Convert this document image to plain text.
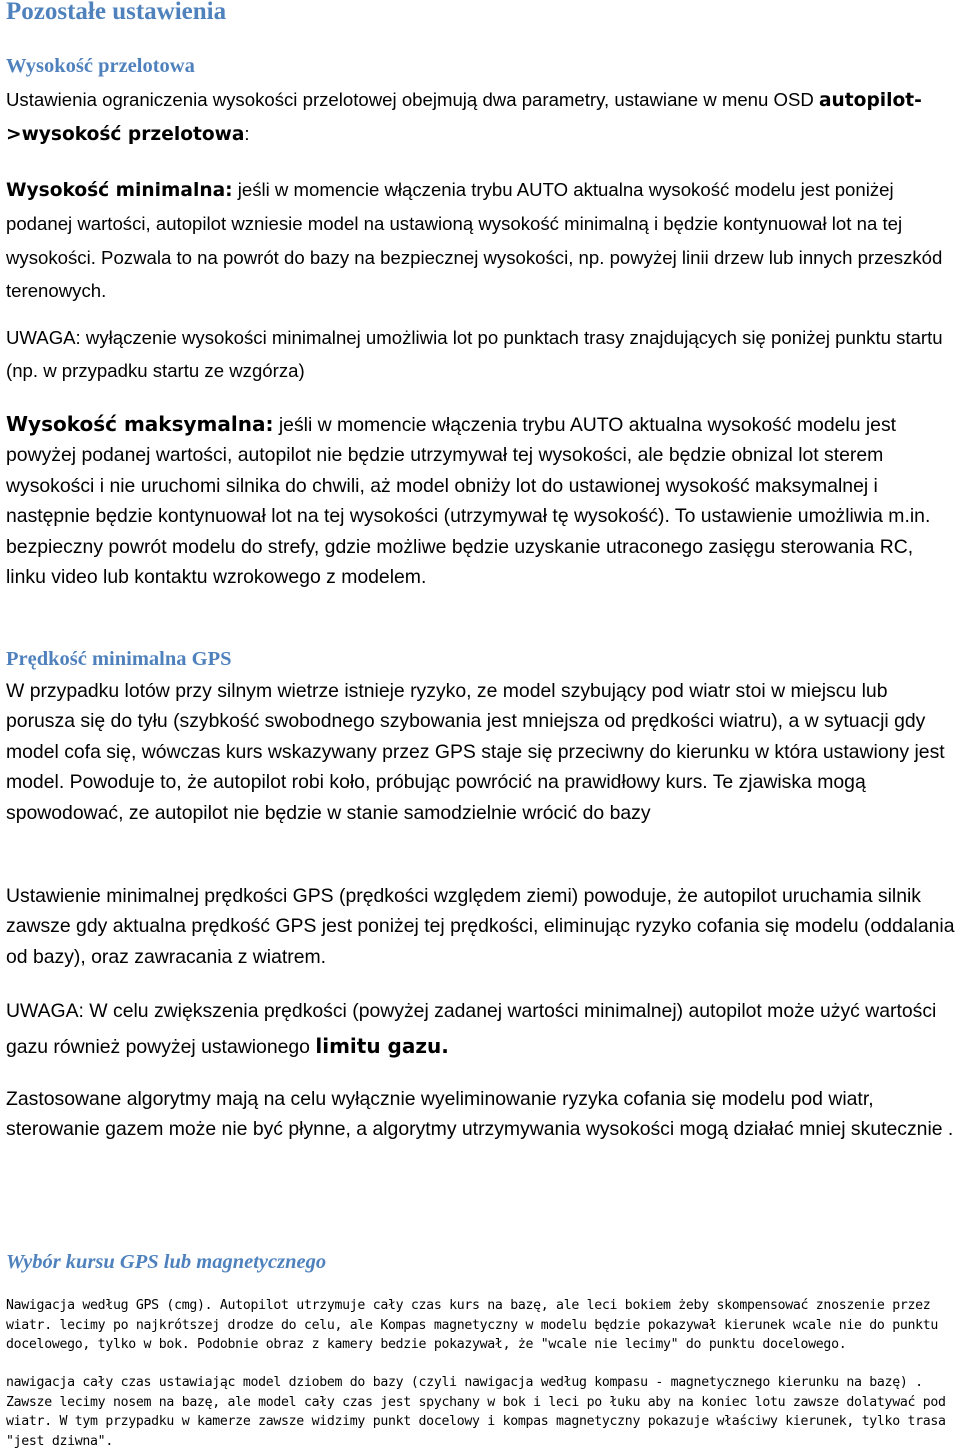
Pozostałe ustawienia
Wysokość przelotowa

Ustawienia ograniczenia wysokości przelotowej obejmują dwa parametry, ustawiane w menu OSD autopilot->wysokość przelotowa:

Wysokość minimalna: jeśli w momencie włączenia trybu AUTO aktualna wysokość modelu jest poniżej podanej wartości, autopilot wzniesie model na ustawioną wysokość minimalną i będzie kontynuował lot na tej wysokości. Pozwala to na powrót do bazy na bezpiecznej wysokości, np. powyżej linii drzew lub innych przeszkód terenowych.

UWAGA: wyłączenie wysokości minimalnej umożliwia lot po punktach trasy znajdujących się poniżej punktu startu (np. w przypadku startu ze wzgórza)

Wysokość maksymalna: jeśli w momencie włączenia trybu AUTO aktualna wysokość modelu jest powyżej podanej wartości, autopilot nie będzie utrzymywał tej wysokości, ale będzie obnizal lot sterem wysokości i nie uruchomi silnika do chwili, aż model obniży lot do ustawionej wysokość maksymalnej i następnie będzie kontynuował lot na tej wysokości (utrzymywał tę wysokość). To ustawienie umożliwia m.in. bezpieczny powrót modelu do strefy, gdzie możliwe będzie uzyskanie utraconego zasięgu sterowania RC, linku video lub kontaktu wzrokowego z modelem.

Prędkość minimalna GPS

W przypadku lotów przy silnym wietrze istnieje ryzyko, ze model szybujący pod wiatr stoi w miejscu lub porusza się do tyłu (szybkość swobodnego szybowania jest mniejsza od prędkości wiatru), a w sytuacji gdy model cofa się, wówczas kurs wskazywany przez GPS staje się przeciwny do kierunku w która ustawiony jest model. Powoduje to, że autopilot robi koło, próbując powrócić na prawidłowy kurs. Te zjawiska mogą spowodować, ze autopilot nie będzie w stanie samodzielnie wrócić do bazy

Ustawienie minimalnej prędkości GPS (prędkości względem ziemi) powoduje, że autopilot uruchamia silnik zawsze gdy aktualna prędkość GPS jest poniżej tej prędkości, eliminując ryzyko cofania się modelu (oddalania od bazy), oraz zawracania z wiatrem.

UWAGA: W celu zwiększenia prędkości (powyżej zadanej wartości minimalnej) autopilot może użyć wartości gazu również powyżej ustawionego limitu gazu.

Zastosowane algorytmy mają na celu wyłącznie wyeliminowanie ryzyka cofania się modelu pod wiatr, sterowanie gazem może nie być płynne, a algorytmy utrzymywania wysokości mogą działać mniej skutecznie .

Wybór kursu GPS lub magnetycznego

Nawigacja według GPS (cmg). Autopilot utrzymuje cały czas kurs na bazę, ale leci bokiem żeby skompensować znoszenie przez wiatr. lecimy po najkrótszej drodze do celu, ale Kompas magnetyczny w modelu będzie pokazywał kierunek wcale nie do punktu docelowego, tylko w bok. Podobnie obraz z kamery bedzie pokazywał, że "wcale nie lecimy" do punktu docelowego.

nawigacja cały czas ustawiając model dziobem do bazy (czyli nawigacja według kompasu - magnetycznego kierunku na bazę) . Zawsze lecimy nosem na bazę, ale model cały czas jest spychany w bok i leci po łuku aby na koniec lotu zawsze dolatywać pod wiatr. W tym przypadku w kamerze zawsze widzimy punkt docelowy i kompas magnetyczny pokazuje właściwy kierunek, tylko trasa "jest dziwna".
